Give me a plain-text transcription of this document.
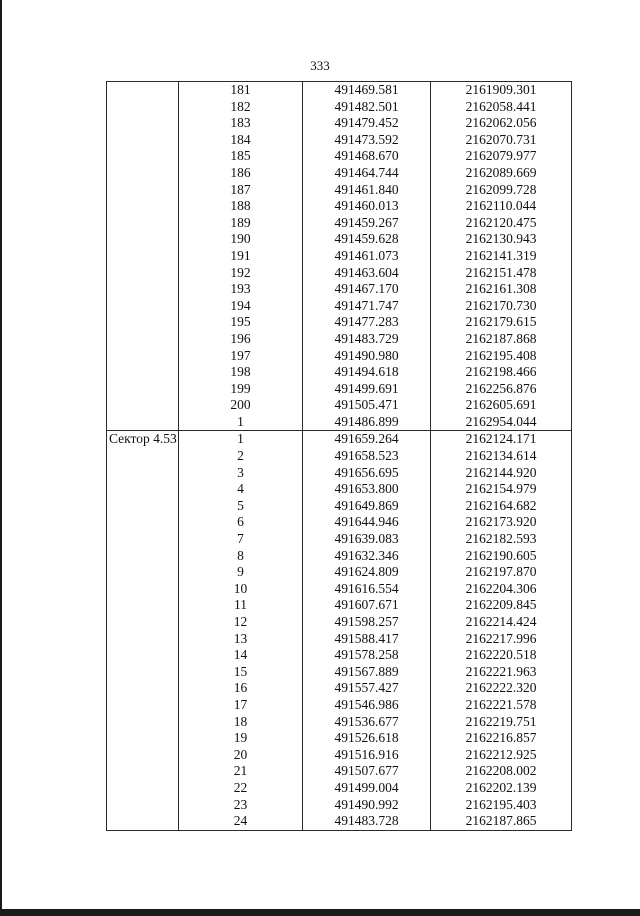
333
	181	491469.581	2161909.301
	182	491482.501	2162058.441
	183	491479.452	2162062.056
	184	491473.592	2162070.731
	185	491468.670	2162079.977
	186	491464.744	2162089.669
	187	491461.840	2162099.728
	188	491460.013	2162110.044
	189	491459.267	2162120.475
	190	491459.628	2162130.943
	191	491461.073	2162141.319
	192	491463.604	2162151.478
	193	491467.170	2162161.308
	194	491471.747	2162170.730
	195	491477.283	2162179.615
	196	491483.729	2162187.868
	197	491490.980	2162195.408
	198	491494.618	2162198.466
	199	491499.691	2162256.876
	200	491505.471	2162605.691
	1	491486.899	2162954.044
Сектор 4.53	1	491659.264	2162124.171
	2	491658.523	2162134.614
	3	491656.695	2162144.920
	4	491653.800	2162154.979
	5	491649.869	2162164.682
	6	491644.946	2162173.920
	7	491639.083	2162182.593
	8	491632.346	2162190.605
	9	491624.809	2162197.870
	10	491616.554	2162204.306
	11	491607.671	2162209.845
	12	491598.257	2162214.424
	13	491588.417	2162217.996
	14	491578.258	2162220.518
	15	491567.889	2162221.963
	16	491557.427	2162222.320
	17	491546.986	2162221.578
	18	491536.677	2162219.751
	19	491526.618	2162216.857
	20	491516.916	2162212.925
	21	491507.677	2162208.002
	22	491499.004	2162202.139
	23	491490.992	2162195.403
	24	491483.728	2162187.865
